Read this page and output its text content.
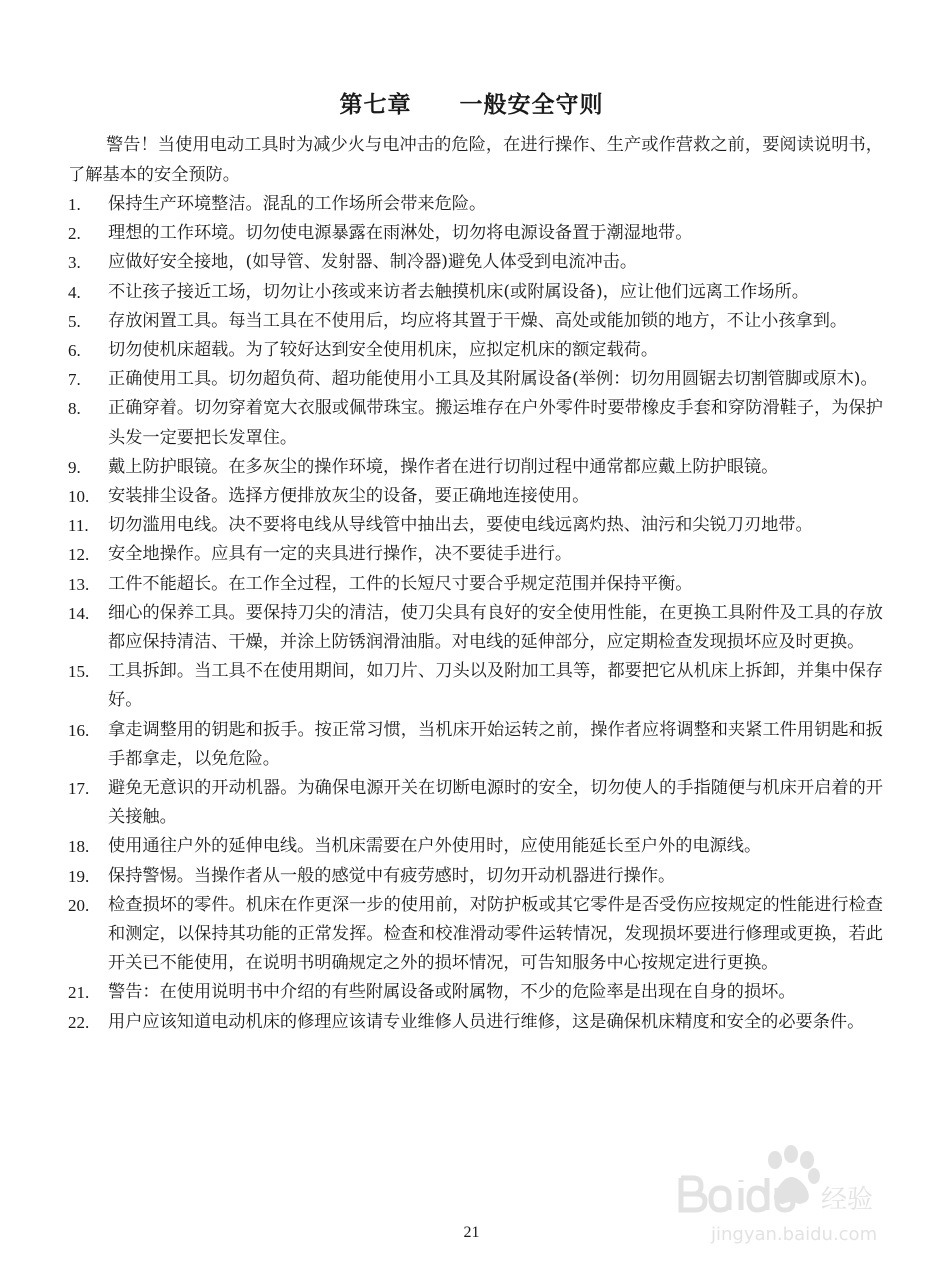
第七章　　一般安全守则
警告！当使用电动工具时为减少火与电冲击的危险，在进行操作、生产或作营救之前，要阅读说明书，了解基本的安全预防。
1.	保持生产环境整洁。混乱的工作场所会带来危险。
2.	理想的工作环境。切勿使电源暴露在雨淋处，切勿将电源设备置于潮湿地带。
3.	应做好安全接地，(如导管、发射器、制冷器)避免人体受到电流冲击。
4.	不让孩子接近工场，切勿让小孩或来访者去触摸机床(或附属设备)，应让他们远离工作场所。
5.	存放闲置工具。每当工具在不使用后，均应将其置于干燥、高处或能加锁的地方，不让小孩拿到。
6.	切勿使机床超载。为了较好达到安全使用机床，应拟定机床的额定载荷。
7.	正确使用工具。切勿超负荷、超功能使用小工具及其附属设备(举例：切勿用圆锯去切割管脚或原木)。
8.	正确穿着。切勿穿着宽大衣服或佩带珠宝。搬运堆存在户外零件时要带橡皮手套和穿防滑鞋子，为保护头发一定要把长发罩住。
9.	戴上防护眼镜。在多灰尘的操作环境，操作者在进行切削过程中通常都应戴上防护眼镜。
10.	安装排尘设备。选择方便排放灰尘的设备，要正确地连接使用。
11.	切勿滥用电线。决不要将电线从导线管中抽出去，要使电线远离灼热、油污和尖锐刀刃地带。
12.	安全地操作。应具有一定的夹具进行操作，决不要徒手进行。
13.	工件不能超长。在工作全过程，工件的长短尺寸要合乎规定范围并保持平衡。
14.	细心的保养工具。要保持刀尖的清洁，使刀尖具有良好的安全使用性能，在更换工具附件及工具的存放都应保持清洁、干燥，并涂上防锈润滑油脂。对电线的延伸部分，应定期检查发现损坏应及时更换。
15.	工具拆卸。当工具不在使用期间，如刀片、刀头以及附加工具等，都要把它从机床上拆卸，并集中保存好。
16.	拿走调整用的钥匙和扳手。按正常习惯，当机床开始运转之前，操作者应将调整和夹紧工件用钥匙和扳手都拿走，以免危险。
17.	避免无意识的开动机器。为确保电源开关在切断电源时的安全，切勿使人的手指随便与机床开启着的开关接触。
18.	使用通往户外的延伸电线。当机床需要在户外使用时，应使用能延长至户外的电源线。
19.	保持警惕。当操作者从一般的感觉中有疲劳感时，切勿开动机器进行操作。
20.	检查损坏的零件。机床在作更深一步的使用前，对防护板或其它零件是否受伤应按规定的性能进行检查和测定，以保持其功能的正常发挥。检查和校准滑动零件运转情况，发现损坏要进行修理或更换，若此开关已不能使用，在说明书明确规定之外的损坏情况，可告知服务中心按规定进行更换。
21.	警告：在使用说明书中介绍的有些附属设备或附属物，不少的危险率是出现在自身的损坏。
22.	用户应该知道电动机床的修理应该请专业维修人员进行维修，这是确保机床精度和安全的必要条件。
21
经验
jingyan.baidu.com
